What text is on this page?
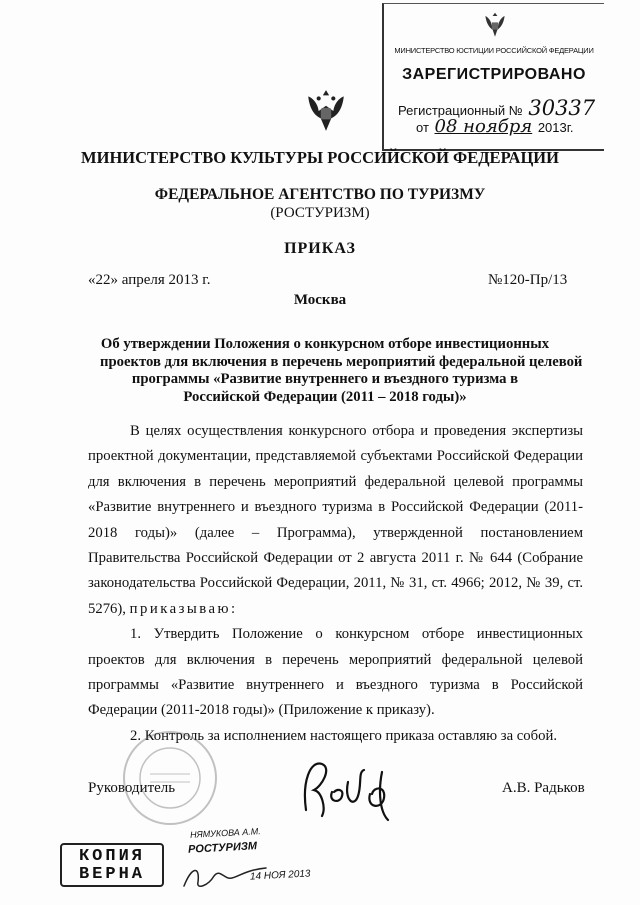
МИНИСТЕРСТВО ЮСТИЦИИ РОССИЙСКОЙ ФЕДЕРАЦИИ
ЗАРЕГИСТРИРОВАНО
Регистрационный № 30337
от 08 ноября 2013г.
МИНИСТЕРСТВО КУЛЬТУРЫ РОССИЙСКОЙ ФЕДЕРАЦИИ
ФЕДЕРАЛЬНОЕ АГЕНТСТВО ПО ТУРИЗМУ
(РОСТУРИЗМ)
ПРИКАЗ
«22» апреля 2013 г.	№120-Пр/13
Москва
Об утверждении Положения о конкурсном отборе инвестиционных
проектов для включения в перечень мероприятий федеральной целевой
программы «Развитие внутреннего и въездного туризма в
Российской Федерации (2011 – 2018 годы)»

В целях осуществления конкурсного отбора и проведения экспертизы проектной документации, представляемой субъектами Российской Федерации для включения в перечень мероприятий федеральной целевой программы «Развитие внутреннего и въездного туризма в Российской Федерации (2011-2018 годы)» (далее – Программа), утвержденной постановлением Правительства Российской Федерации от 2 августа 2011 г. № 644 (Собрание законодательства Российской Федерации, 2011, № 31, ст. 4966; 2012, № 39, ст. 5276), приказываю:

1. Утвердить Положение о конкурсном отборе инвестиционных проектов для включения в перечень мероприятий федеральной целевой программы «Развитие внутреннего и въездного туризма в Российской Федерации (2011-2018 годы)» (Приложение к приказу).

2. Контроль за исполнением настоящего приказа оставляю за собой.

Руководитель	А.В. Радьков
КОПИЯ
ВЕРНА
НЯМУКОВА А.М.
РОСТУРИЗМ
14 НОЯ 2013
